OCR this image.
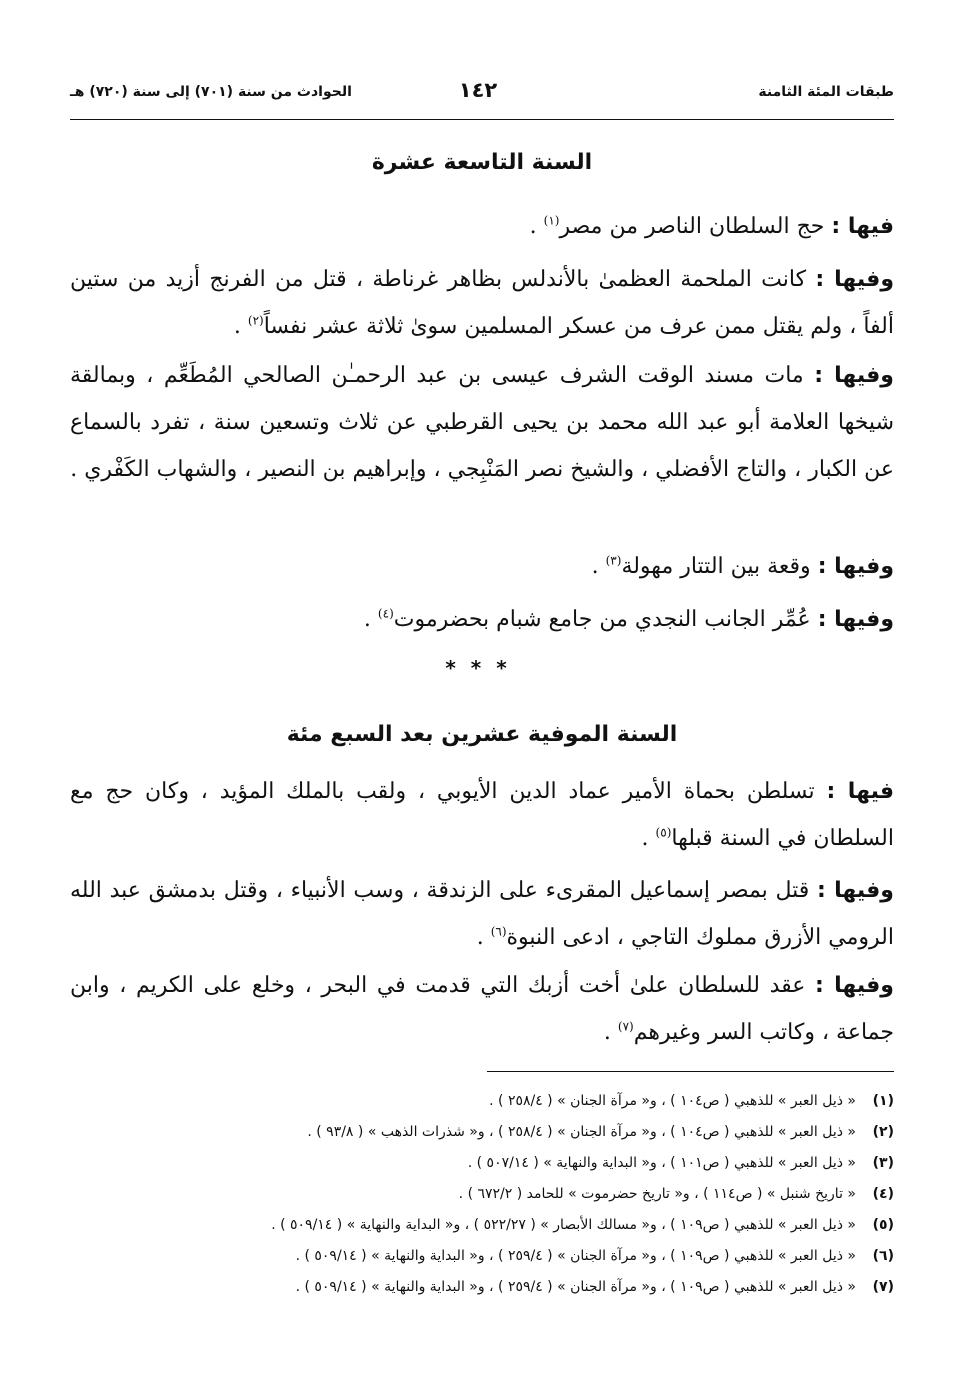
طبقات المئة الثامنة
١٤٢
الحوادث من سنة (٧٠١) إلى سنة (٧٢٠) هـ
السنة التاسعة عشرة
فيها : حج السلطان الناصر من مصر$^{(١)}$ .
وفيها : كانت الملحمة العظمىٰ بالأندلس بظاهر غرناطة ، قتل من الفرنج أزيد من ستين ألفاً ، ولم يقتل ممن عرف من عسكر المسلمين سوىٰ ثلاثة عشر نفساً$^{(٢)}$ .
وفيها : مات مسند الوقت الشرف عيسى بن عبد الرحمـٰن الصالحي المُطَعِّم ، وبمالقة شيخها العلامة أبو عبد الله محمد بن يحيى القرطبي عن ثلاث وتسعين سنة ، تفرد بالسماع عن الكبار ، والتاج الأفضلي ، والشيخ نصر المَنْبِجي ، وإبراهيم بن النصير ، والشهاب الكَفْري .
وفيها : وقعة بين التتار مهولة$^{(٣)}$ .
وفيها : عُمِّر الجانب النجدي من جامع شبام بحضرموت$^{(٤)}$ .
* * *
السنة الموفية عشرين بعد السبع مئة
فيها : تسلطن بحماة الأمير عماد الدين الأيوبي ، ولقب بالملك المؤيد ، وكان حج مع السلطان في السنة قبلها$^{(٥)}$ .
وفيها : قتل بمصر إسماعيل المقرىء على الزندقة ، وسب الأنبياء ، وقتل بدمشق عبد الله الرومي الأزرق مملوك التاجي ، ادعى النبوة$^{(٦)}$ .
وفيها : عقد للسلطان علىٰ أخت أزبك التي قدمت في البحر ، وخلع على الكريم ، وابن جماعة ، وكاتب السر وغيرهم$^{(٧)}$ .
(١)« ذيل العبر » للذهبي ( ص١٠٤ ) ، و« مرآة الجنان » ( ٢٥٨/٤ ) .
(٢)« ذيل العبر » للذهبي ( ص١٠٤ ) ، و« مرآة الجنان » ( ٢٥٨/٤ ) ، و« شذرات الذهب » ( ٩٣/٨ ) .
(٣)« ذيل العبر » للذهبي ( ص١٠١ ) ، و« البداية والنهاية » ( ٥٠٧/١٤ ) .
(٤)« تاريخ شنبل » ( ص١١٤ ) ، و« تاريخ حضرموت » للحامد ( ٦٧٢/٢ ) .
(٥)« ذيل العبر » للذهبي ( ص١٠٩ ) ، و« مسالك الأبصار » ( ٥٢٢/٢٧ ) ، و« البداية والنهاية » ( ٥٠٩/١٤ ) .
(٦)« ذيل العبر » للذهبي ( ص١٠٩ ) ، و« مرآة الجنان » ( ٢٥٩/٤ ) ، و« البداية والنهاية » ( ٥٠٩/١٤ ) .
(٧)« ذيل العبر » للذهبي ( ص١٠٩ ) ، و« مرآة الجنان » ( ٢٥٩/٤ ) ، و« البداية والنهاية » ( ٥٠٩/١٤ ) .
